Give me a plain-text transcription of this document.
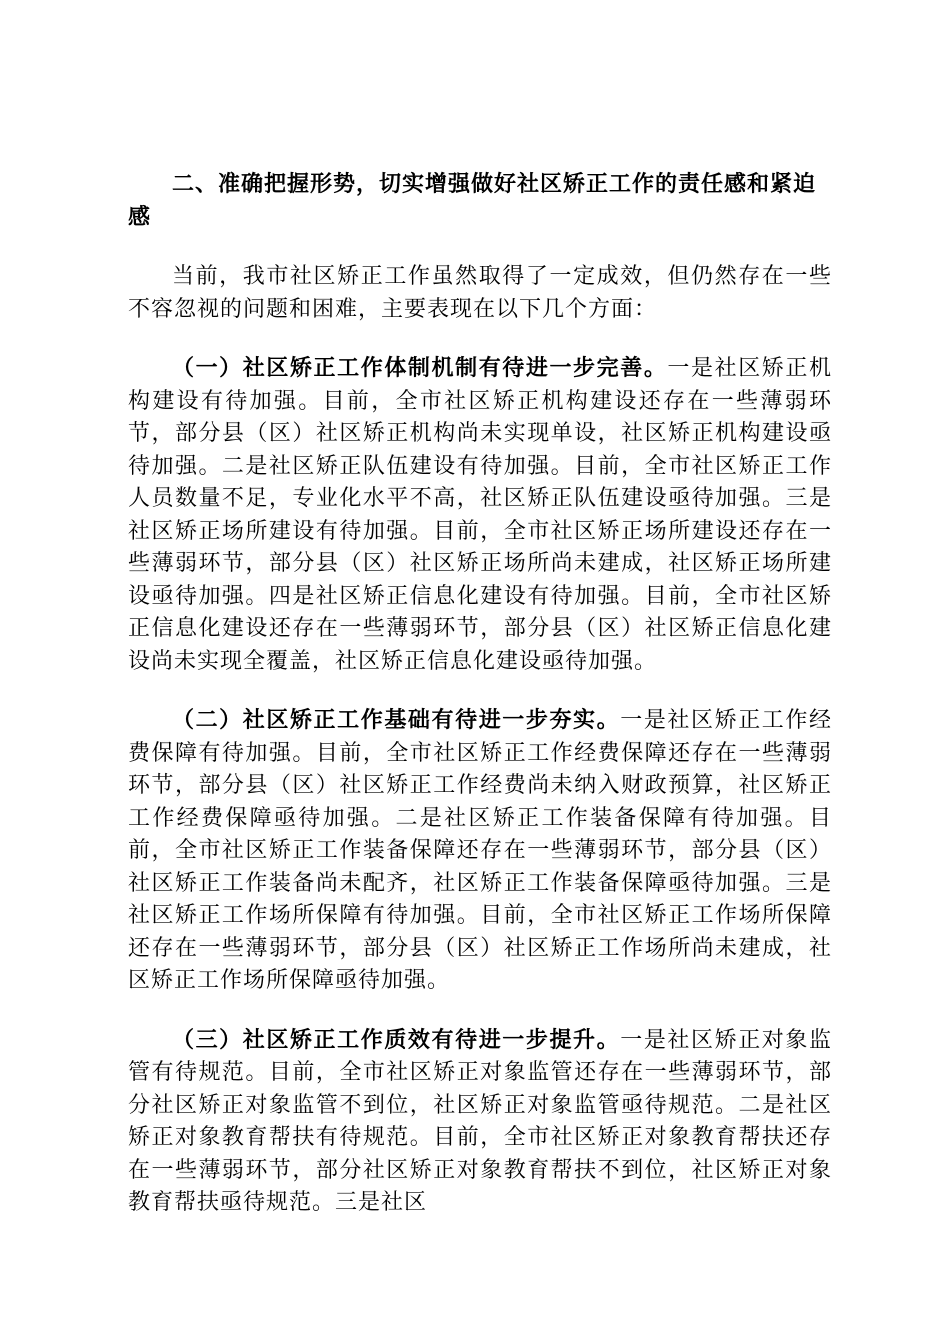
二、准确把握形势，切实增强做好社区矫正工作的责任感和紧迫感

当前，我市社区矫正工作虽然取得了一定成效，但仍然存在一些不容忽视的问题和困难，主要表现在以下几个方面：

（一）社区矫正工作体制机制有待进一步完善。一是社区矫正机构建设有待加强。目前，全市社区矫正机构建设还存在一些薄弱环节，部分县（区）社区矫正机构尚未实现单设，社区矫正机构建设亟待加强。二是社区矫正队伍建设有待加强。目前，全市社区矫正工作人员数量不足，专业化水平不高，社区矫正队伍建设亟待加强。三是社区矫正场所建设有待加强。目前，全市社区矫正场所建设还存在一些薄弱环节，部分县（区）社区矫正场所尚未建成，社区矫正场所建设亟待加强。四是社区矫正信息化建设有待加强。目前，全市社区矫正信息化建设还存在一些薄弱环节，部分县（区）社区矫正信息化建设尚未实现全覆盖，社区矫正信息化建设亟待加强。

（二）社区矫正工作基础有待进一步夯实。一是社区矫正工作经费保障有待加强。目前，全市社区矫正工作经费保障还存在一些薄弱环节，部分县（区）社区矫正工作经费尚未纳入财政预算，社区矫正工作经费保障亟待加强。二是社区矫正工作装备保障有待加强。目前，全市社区矫正工作装备保障还存在一些薄弱环节，部分县（区）社区矫正工作装备尚未配齐，社区矫正工作装备保障亟待加强。三是社区矫正工作场所保障有待加强。目前，全市社区矫正工作场所保障还存在一些薄弱环节，部分县（区）社区矫正工作场所尚未建成，社区矫正工作场所保障亟待加强。

（三）社区矫正工作质效有待进一步提升。一是社区矫正对象监管有待规范。目前，全市社区矫正对象监管还存在一些薄弱环节，部分社区矫正对象监管不到位，社区矫正对象监管亟待规范。二是社区矫正对象教育帮扶有待规范。目前，全市社区矫正对象教育帮扶还存在一些薄弱环节，部分社区矫正对象教育帮扶不到位，社区矫正对象教育帮扶亟待规范。三是社区
